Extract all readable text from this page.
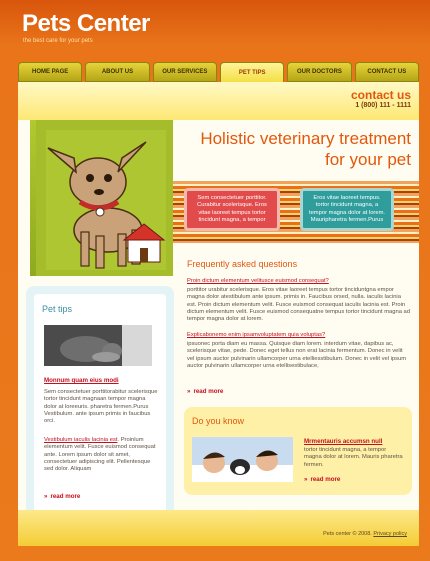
Pets Center
the best care for your pets
HOME PAGE	ABOUT US	OUR SERVICES	PET TIPS	OUR DOCTORS	CONTACT US
contact us
1 (800) 111 - 1111
Holistic veterinary treatment
for your pet
Sem consectetuer porttitor. Curabitur scelerisque. Eros vitae laoreet tempus tortor tincidunt magna, a tempor
Eros vitae laoreet tempus. tortor tincidunt magna, a tempor magna dolor at lorem. Mauripharetra fermen.Purus
Frequently asked questions
Proin dictum elementum velitusce euismod consequat?
porttitor urabitur scelerisque. Eros vitae laoreet tempus tortor tinciduntgna empor magna dolor atestibulum ante ipsum. primis in. Faucibus orsed, nulla. iaculis lacinia est. Proin dictum elementum velit. Fusce euismod consequat iaculis lacinia est. Proin dictum elementum velit. Fusce euismod consequatne tempus tortor tincidunt magna ad tempor magna dolor at lorem.
Explicabonemo enim ipsamvoluptatem quia voluptas?
ipsuonec porta diam eu massa. Quisque diam lorem. interdum vitae, dapibus ac, scelerisque vitae, pede. Donec eget tellus non erat lacinia fermentum. Donec in velit vel ipsum auctor pulvinarin ullamcorper urna etelliesstibulum. Donec in velit vel ipsum auctor pulvinarin ullamcorper urna etellisestibulace,
» read more
Pet tips
Monnum quam eius modi
Sem consectetuer porttitorabitur scelerisque tortor tincidunt magnaan tempor magna dolor at loreeuris. pharetra fermen.Purus Vestibulum. ante ipsum primis in faucibus orci.
Vestibulum iaculis lacinia est. Proinlum elementum velit. Fusce euismod consequat ante. Lorem ipsum dolor sit amet, consectetuer adipiscing elit. Pellentesque sed dolor. Aliquam
» read more
Do you know
Mrmentauris accumsn null
tortor tincidunt magna, a tempor magna dolor at lorem. Mauris pharetra fermen.
» read more
Pets center © 2008. Privacy policy
